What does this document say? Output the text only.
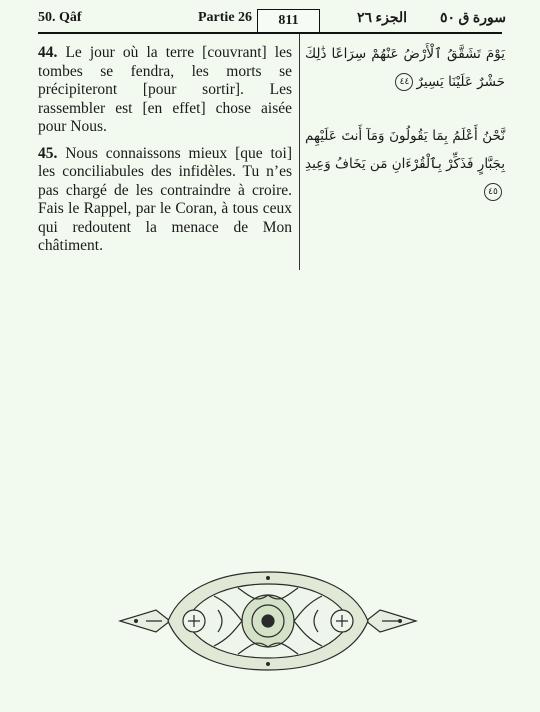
50. Qâf	Partie 26 811	الجزء ٢٦ سورة ق ٥٠

44. Le jour où la terre [couvrant] les tombes se fendra, les morts se précipiteront [pour sortir]. Les rassembler est [en effet] chose aisée pour Nous.

45. Nous connaissons mieux [que toi] les conciliabules des infidèles. Tu n’es pas chargé de les contraindre à croire. Fais le Rappel, par le Coran, à tous ceux qui redoutent la menace de Mon châtiment.

يَوْمَ تَشَقَّقُ ٱلْأَرْضُ عَنْهُمْ سِرَاعًا ذَٰلِكَ حَشْرٌ عَلَيْنَا يَسِيرٌ٤٤

نَّحْنُ أَعْلَمُ بِمَا يَقُولُونَ وَمَآ أَنتَ عَلَيْهِم بِجَبَّارٍ فَذَكِّرْ بِٱلْقُرْءَانِ مَن يَخَافُ وَعِيدِ٤٥
